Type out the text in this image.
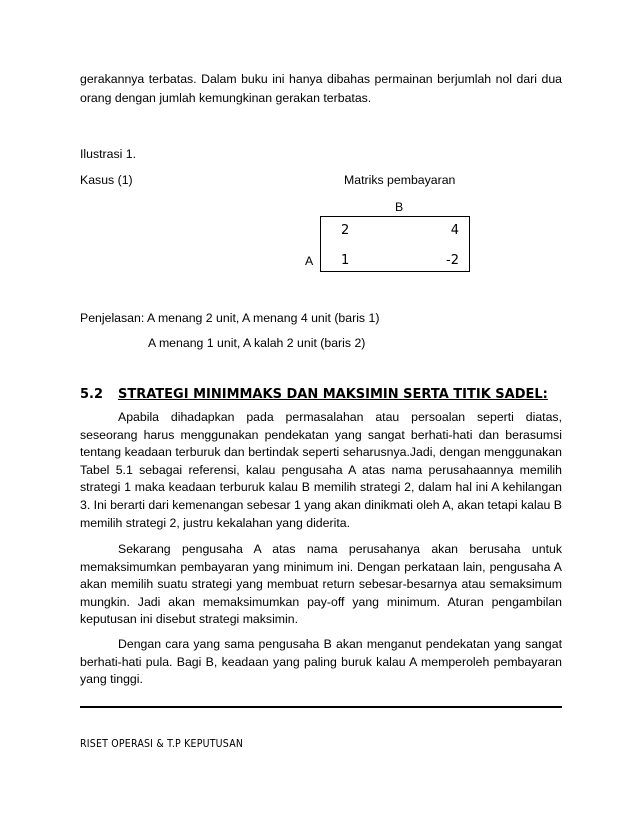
gerakannya terbatas. Dalam buku ini hanya dibahas permainan berjumlah nol dari dua
orang dengan jumlah kemungkinan gerakan terbatas.
Ilustrasi 1.
Kasus (1)	Matriks pembayaran
B
A
2	4
1	-2
Penjelasan: A menang 2 unit, A menang 4 unit (baris 1)
A menang 1 unit, A kalah 2 unit (baris 2)
5.2 STRATEGI MINIMMAKS DAN MAKSIMIN SERTA TITIK SADEL:
Apabila dihadapkan pada permasalahan atau persoalan seperti diatas, seseorang harus menggunakan pendekatan yang sangat berhati-hati dan berasumsi tentang keadaan terburuk dan bertindak seperti seharusnya.Jadi, dengan menggunakan Tabel 5.1 sebagai referensi, kalau pengusaha A atas nama perusahaannya memilih strategi 1 maka keadaan terburuk kalau B memilih strategi 2, dalam hal ini A kehilangan 3. Ini berarti dari kemenangan sebesar 1 yang akan dinikmati oleh A, akan tetapi kalau B memilih strategi 2, justru kekalahan yang diderita.
Sekarang pengusaha A atas nama perusahanya akan berusaha untuk memaksimumkan pembayaran yang minimum ini. Dengan perkataan lain, pengusaha A akan memilih suatu strategi yang membuat return sebesar-besarnya atau semaksimum mungkin. Jadi akan memaksimumkan pay-off yang minimum. Aturan pengambilan keputusan ini disebut strategi maksimin.
Dengan cara yang sama pengusaha B akan menganut pendekatan yang sangat berhati-hati pula. Bagi B, keadaan yang paling buruk kalau A memperoleh pembayaran yang tinggi.
RISET OPERASI & T.P KEPUTUSAN
